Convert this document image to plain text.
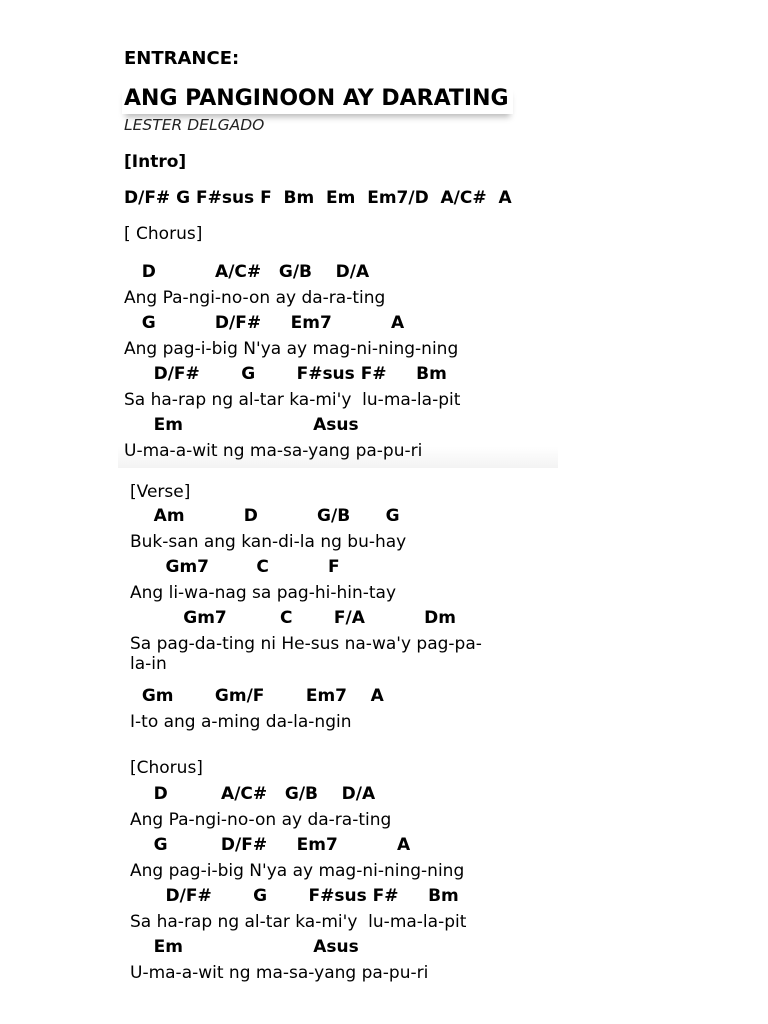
ENTRANCE:
ANG PANGINOON AY DARATING
LESTER DELGADO
[Intro]
D/F# G F#sus F  Bm  Em  Em7/D  A/C#  A
[ Chorus]
D          A/C#   G/B    D/A
Ang Pa-ngi-no-on ay da-ra-ting
G          D/F#     Em7          A
Ang pag-i-big N'ya ay mag-ni-ning-ning
D/F#       G       F#sus F#     Bm
Sa ha-rap ng al-tar ka-mi'y  lu-ma-la-pit
Em                      Asus
U-ma-a-wit ng ma-sa-yang pa-pu-ri
[Verse]
Am          D          G/B      G
Buk-san ang kan-di-la ng bu-hay
Gm7        C          F
Ang li-wa-nag sa pag-hi-hin-tay
Gm7         C       F/A          Dm
Sa pag-da-ting ni He-sus na-wa'y pag-pa-
la-in
Gm       Gm/F       Em7    A
I-to ang a-ming da-la-ngin
[Chorus]
D         A/C#   G/B    D/A
Ang Pa-ngi-no-on ay da-ra-ting
G         D/F#     Em7          A
Ang pag-i-big N'ya ay mag-ni-ning-ning
D/F#       G       F#sus F#     Bm
Sa ha-rap ng al-tar ka-mi'y  lu-ma-la-pit
Em                      Asus
U-ma-a-wit ng ma-sa-yang pa-pu-ri
